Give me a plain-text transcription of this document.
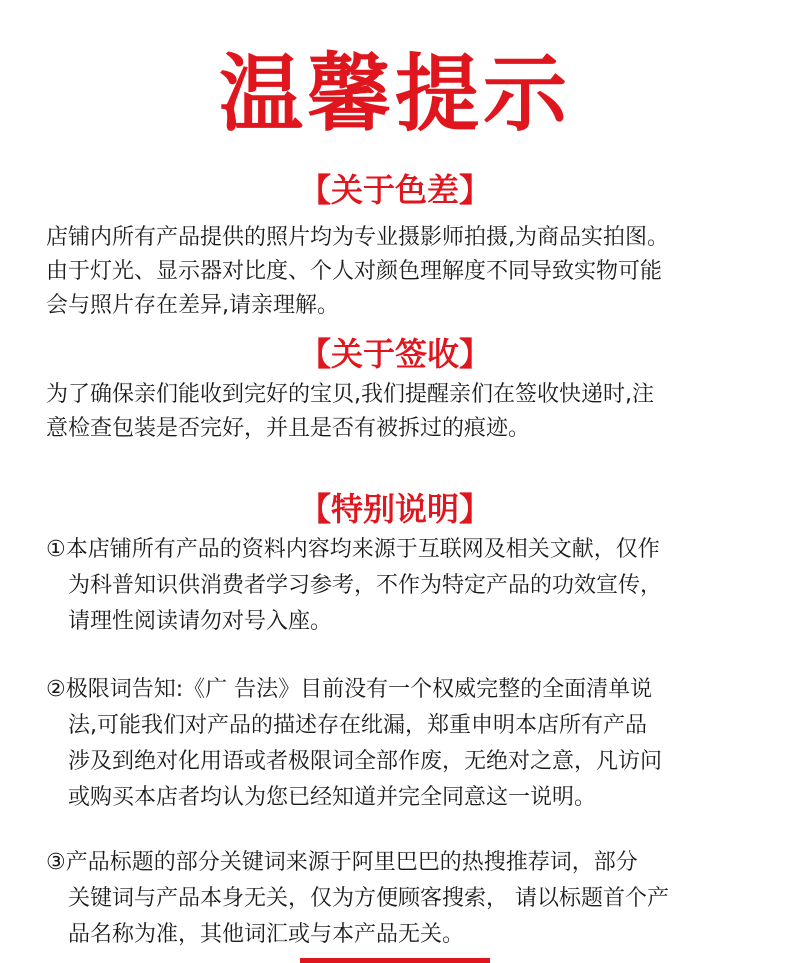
温馨提示
【关于色差】
店铺内所有产品提供的照片均为专业摄影师拍摄,为商品实拍图。
由于灯光、显示器对比度、个人对颜色理解度不同导致实物可能
会与照片存在差异,请亲理解。
【关于签收】
为了确保亲们能收到完好的宝贝,我们提醒亲们在签收快递时,注
意检查包装是否完好，并且是否有被拆过的痕迹。
【特别说明】
①本店铺所有产品的资料内容均来源于互联网及相关文献，仅作
为科普知识供消费者学习参考，不作为特定产品的功效宣传，
请理性阅读请勿对号入座。
②极限词告知:《广 告法》目前没有一个权威完整的全面清单说
法,可能我们对产品的描述存在纰漏，郑重申明本店所有产品
涉及到绝对化用语或者极限词全部作废，无绝对之意，凡访问
或购买本店者均认为您已经知道并完全同意这一说明。
③产品标题的部分关键词来源于阿里巴巴的热搜推荐词，部分
关键词与产品本身无关，仅为方便顾客搜索， 请以标题首个产
品名称为准，其他词汇或与本产品无关。
